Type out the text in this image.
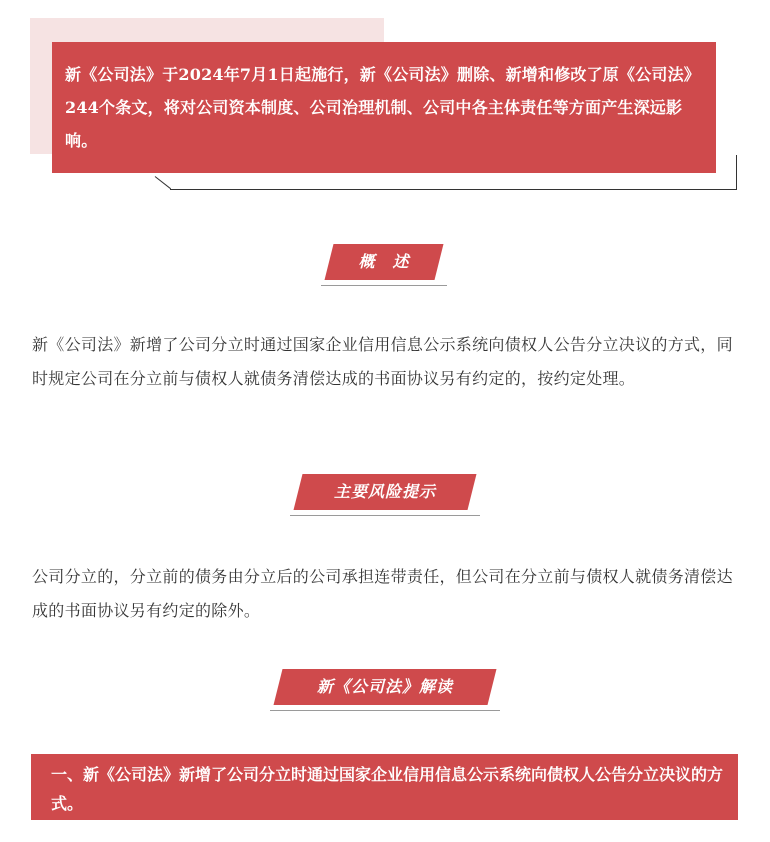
新《公司法》于2024年7月1日起施行，新《公司法》删除、新增和修改了原《公司法》244个条文，将对公司资本制度、公司治理机制、公司中各主体责任等方面产生深远影响。
概　述
新《公司法》新增了公司分立时通过国家企业信用信息公示系统向债权人公告分立决议的方式，同时规定公司在分立前与债权人就债务清偿达成的书面协议另有约定的，按约定处理。
主要风险提示
公司分立的，分立前的债务由分立后的公司承担连带责任，但公司在分立前与债权人就债务清偿达成的书面协议另有约定的除外。
新《公司法》解读
一、新《公司法》新增了公司分立时通过国家企业信用信息公示系统向债权人公告分立决议的方式。
